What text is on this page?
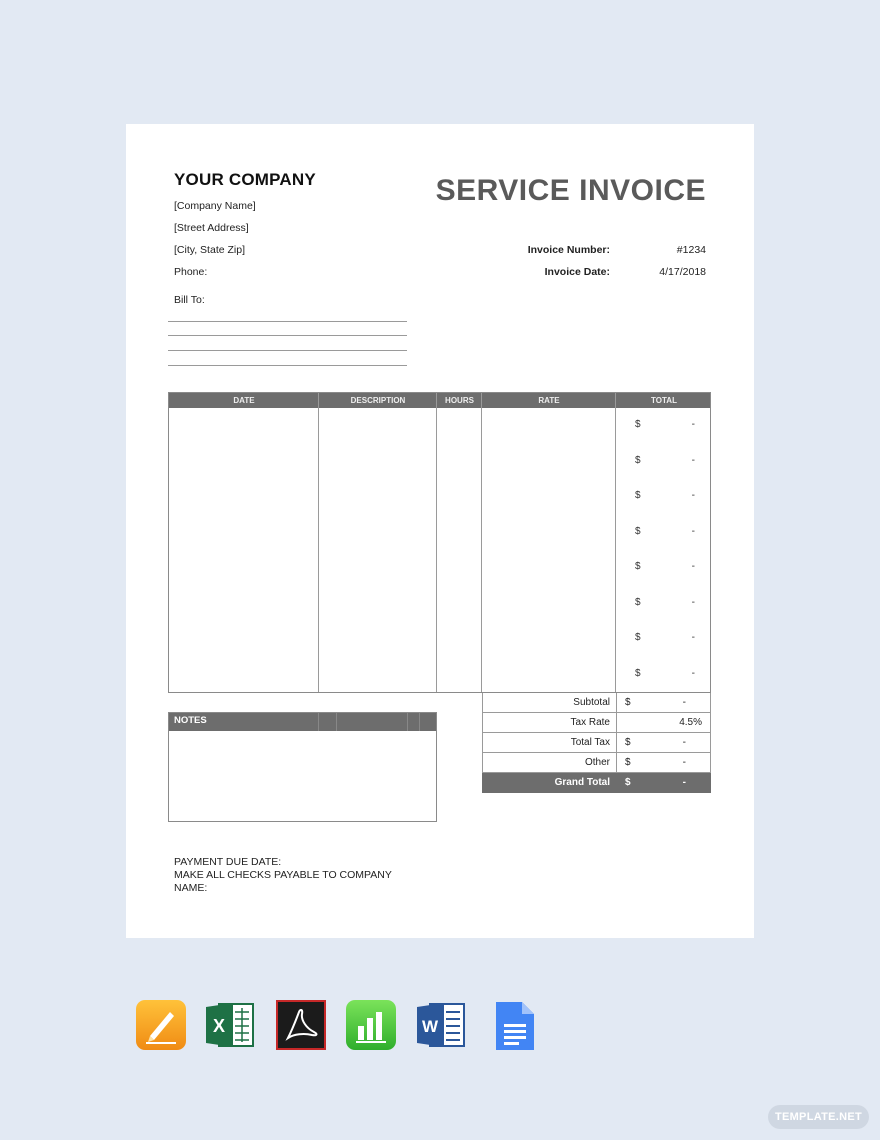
YOUR COMPANY
[Company Name]
[Street Address]
[City, State Zip]
Phone:
SERVICE INVOICE
Invoice Number:	#1234
Invoice Date:	4/17/2018
Bill To:
DATE	DESCRIPTION	HOURS	RATE	TOTAL
$	-
$	-
$	-
$	-
$	-
$	-
$	-
$	-
Subtotal $	-
Tax Rate	4.5%
Total Tax $	-
Other $	-
Grand Total $	-
NOTES
PAYMENT DUE DATE:
MAKE ALL CHECKS PAYABLE TO COMPANY NAME:
X	W
TEMPLATE.NET
